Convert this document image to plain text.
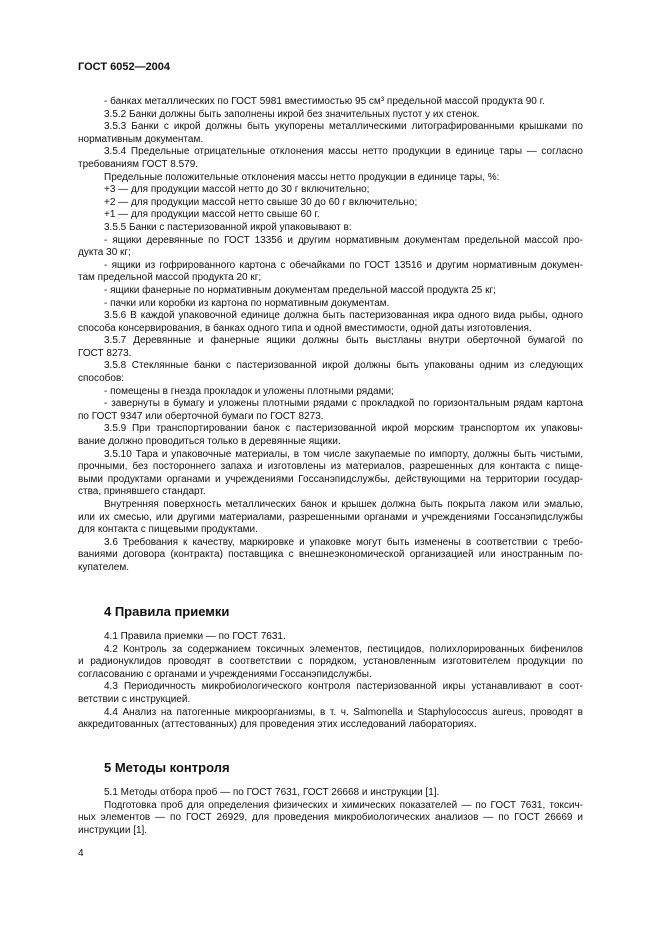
ГОСТ 6052—2004
- банках металлических по ГОСТ 5981 вместимостью 95 см³ предельной массой продукта 90 г.
3.5.2 Банки должны быть заполнены икрой без значительных пустот у их стенок.
3.5.3 Банки с икрой должны быть укупорены металлическими литографированными крышками по
нормативным документам.
3.5.4 Предельные отрицательные отклонения массы нетто продукции в единице тары — согласно
требованиям ГОСТ 8.579.
Предельные положительные отклонения массы нетто продукции в единице тары, %:
+3 — для продукции массой нетто до 30 г включительно;
+2 — для продукции массой нетто свыше 30 до 60 г включительно;
+1 — для продукции массой нетто свыше 60 г.
3.5.5 Банки с пастеризованной икрой упаковывают в:
- ящики деревянные по ГОСТ 13356 и другим нормативным документам предельной массой про-
дукта 30 кг;
- ящики из гофрированного картона с обечайками по ГОСТ 13516 и другим нормативным докумен-
там предельной массой продукта 20 кг;
- ящики фанерные по нормативным документам предельной массой продукта 25 кг;
- пачки или коробки из картона по нормативным документам.
3.5.6 В каждой упаковочной единице должна быть пастеризованная икра одного вида рыбы, одного
способа консервирования, в банках одного типа и одной вместимости, одной даты изготовления.
3.5.7 Деревянные и фанерные ящики должны быть выстланы внутри оберточной бумагой по
ГОСТ 8273.
3.5.8 Стеклянные банки с пастеризованной икрой должны быть упакованы одним из следующих
способов:
- помещены в гнезда прокладок и уложены плотными рядами;
- завернуты в бумагу и уложены плотными рядами с прокладкой по горизонтальным рядам картона
по ГОСТ 9347 или оберточной бумаги по ГОСТ 8273.
3.5.9 При транспортировании банок с пастеризованной икрой морским транспортом их упаковы-
вание должно проводиться только в деревянные ящики.
3.5.10 Тара и упаковочные материалы, в том числе закупаемые по импорту, должны быть чистыми,
прочными, без постороннего запаха и изготовлены из материалов, разрешенных для контакта с пище-
выми продуктами органами и учреждениями Госсанэпидслужбы, действующими на территории государ-
ства, принявшего стандарт.
Внутренняя поверхность металлических банок и крышек должна быть покрыта лаком или эмалью,
или их смесью, или другими материалами, разрешенными органами и учреждениями Госсанэпидслужбы
для контакта с пищевыми продуктами.
3.6 Требования к качеству, маркировке и упаковке могут быть изменены в соответствии с требо-
ваниями договора (контракта) поставщика с внешнеэкономической организацией или иностранным по-
купателем.
4 Правила приемки
4.1 Правила приемки — по ГОСТ 7631.
4.2 Контроль за содержанием токсичных элементов, пестицидов, полихлорированных бифенилов
и радионуклидов проводят в соответствии с порядком, установленным изготовителем продукции по
согласованию с органами и учреждениями Госсанэпидслужбы.
4.3 Периодичность микробиологического контроля пастеризованной икры устанавливают в соот-
ветствии с инструкцией.
4.4 Анализ на патогенные микроорганизмы, в т. ч. Salmonella и Staphylococcus aureus, проводят в
аккредитованных (аттестованных) для проведения этих исследований лабораториях.
5 Методы контроля
5.1 Методы отбора проб — по ГОСТ 7631, ГОСТ 26668 и инструкции [1].
Подготовка проб для определения физических и химических показателей — по ГОСТ 7631, токсич-
ных элементов — по ГОСТ 26929, для проведения микробиологических анализов — по ГОСТ 26669 и
инструкции [1].
4
